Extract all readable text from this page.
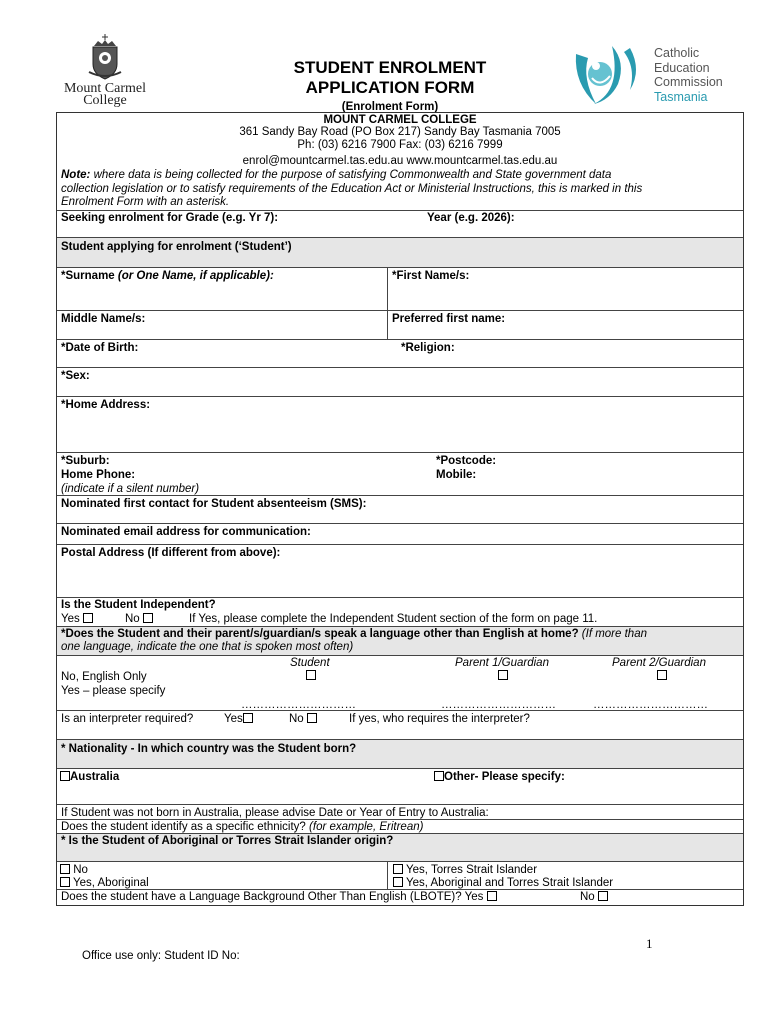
Mount Carmel
College
STUDENT ENROLMENT
APPLICATION FORM
(Enrolment Form)
Catholic
Education
Commission
Tasmania
MOUNT CARMEL COLLEGE
361 Sandy Bay Road (PO Box 217) Sandy Bay Tasmania 7005
Ph: (03) 6216 7900 Fax: (03) 6216 7999
enrol@mountcarmel.tas.edu.au www.mountcarmel.tas.edu.au
Note: where data is being collected for the purpose of satisfying Commonwealth and State government data
collection legislation or to satisfy requirements of the Education Act or Ministerial Instructions, this is marked in this
Enrolment Form with an asterisk.
Seeking enrolment for Grade (e.g. Yr 7):	Year (e.g. 2026):
Student applying for enrolment (‘Student’)
*Surname (or One Name, if applicable):	*First Name/s:
Middle Name/s:	Preferred first name:
*Date of Birth:	*Religion:
*Sex:
*Home Address:
*Suburb:	*Postcode:
Home Phone:	Mobile:
(indicate if a silent number)
Nominated first contact for Student absenteeism (SMS):
Nominated email address for communication:
Postal Address (If different from above):
Is the Student Independent?
Yes	No	If Yes, please complete the Independent Student section of the form on page 11.
*Does the Student and their parent/s/guardian/s speak a language other than English at home? (If more than
one language, indicate the one that is spoken most often)
Student	Parent 1/Guardian	Parent 2/Guardian
No, English Only
Yes – please specify
…………………………	…………………………	…………………………
Is an interpreter required?	Yes	No	If yes, who requires the interpreter?
* Nationality - In which country was the Student born?
Australia	Other- Please specify:
If Student was not born in Australia, please advise Date or Year of Entry to Australia:
Does the student identify as a specific ethnicity? (for example, Eritrean)
* Is the Student of Aboriginal or Torres Strait Islander origin?
No
Yes, Aboriginal
Yes, Torres Strait Islander
Yes, Aboriginal and Torres Strait Islander
Does the student have a Language Background Other Than English (LBOTE)? Yes	No
1
Office use only: Student ID No:
